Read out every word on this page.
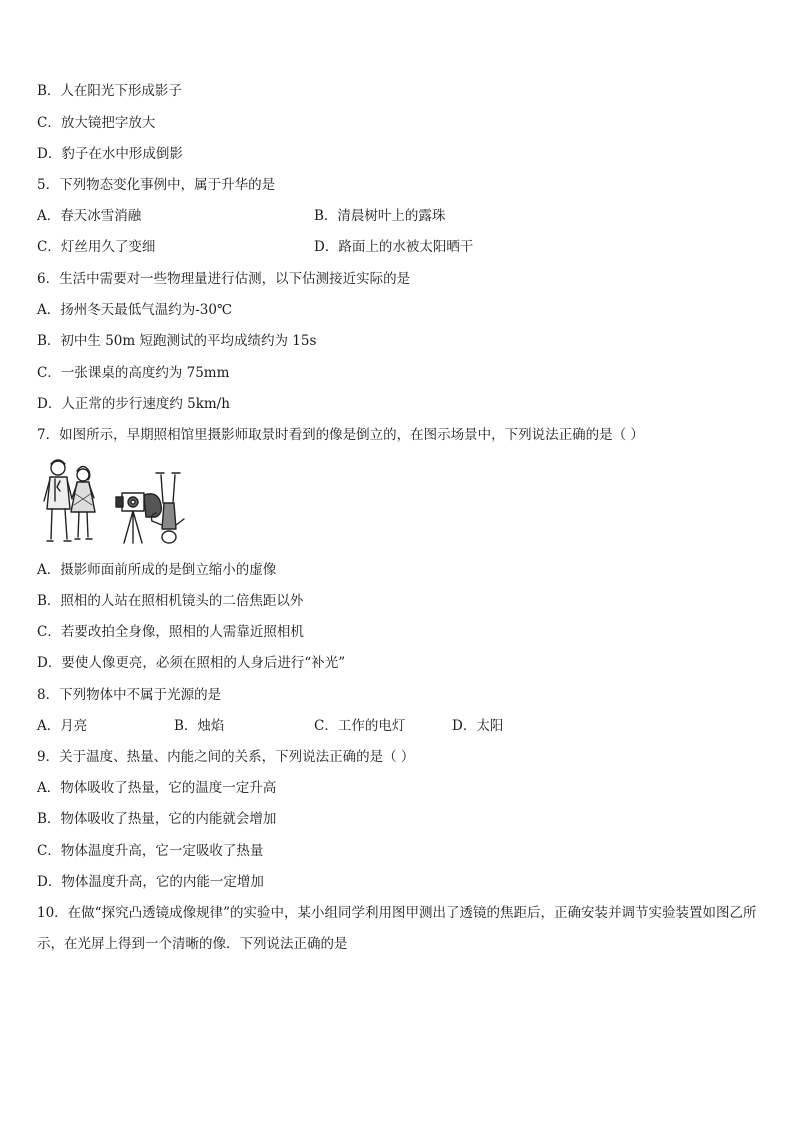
B．人在阳光下形成影子
C．放大镜把字放大
D．豹子在水中形成倒影
5．下列物态变化事例中，属于升华的是
A．春天冰雪消融	B．清晨树叶上的露珠
C．灯丝用久了变细	D．路面上的水被太阳晒干
6．生活中需要对一些物理量进行估测，以下估测接近实际的是
A．扬州冬天最低气温约为-30℃
B．初中生 50m 短跑测试的平均成绩约为 15s
C．一张课桌的高度约为 75mm
D．人正常的步行速度约 5km/h
7．如图所示，早期照相馆里摄影师取景时看到的像是倒立的，在图示场景中，下列说法正确的是（ ）
A．摄影师面前所成的是倒立缩小的虚像
B．照相的人站在照相机镜头的二倍焦距以外
C．若要改拍全身像，照相的人需靠近照相机
D．要使人像更亮，必须在照相的人身后进行“补光”
8．下列物体中不属于光源的是
A．月亮	B．烛焰	C．工作的电灯	D．太阳
9．关于温度、热量、内能之间的关系，下列说法正确的是（ ）
A．物体吸收了热量，它的温度一定升高
B．物体吸收了热量，它的内能就会增加
C．物体温度升高，它一定吸收了热量
D．物体温度升高，它的内能一定增加
10．在做“探究凸透镜成像规律”的实验中，某小组同学利用图甲测出了透镜的焦距后，正确安装并调节实验装置如图乙所示，在光屏上得到一个清晰的像．下列说法正确的是
